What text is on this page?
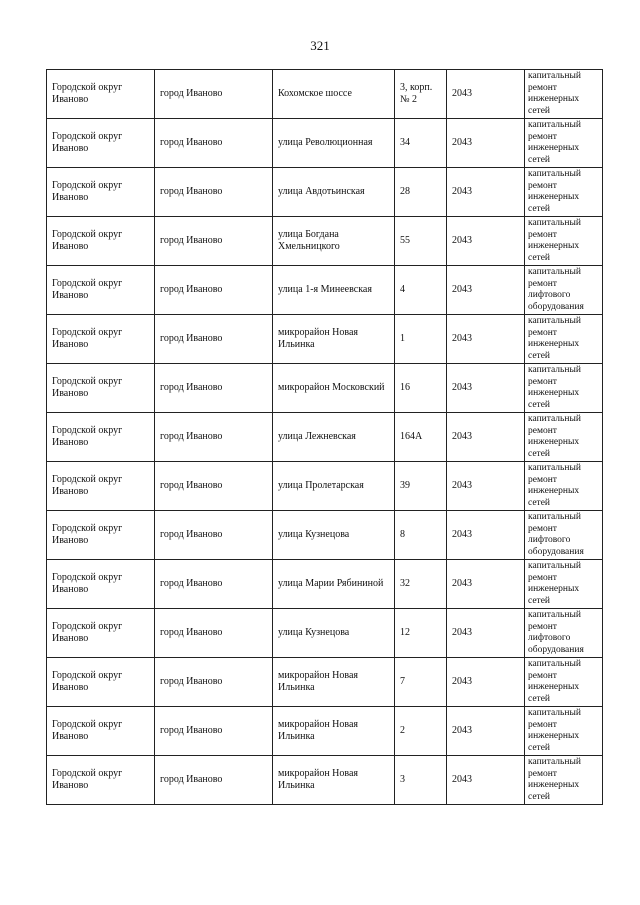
321
Городской округ Иваново	город Иваново	Кохомское шоссе	3, корп. № 2	2043	капитальный ремонт инженерных сетей
Городской округ Иваново	город Иваново	улица Революционная	34	2043	капитальный ремонт инженерных сетей
Городской округ Иваново	город Иваново	улица Авдотьинская	28	2043	капитальный ремонт инженерных сетей
Городской округ Иваново	город Иваново	улица Богдана Хмельницкого	55	2043	капитальный ремонт инженерных сетей
Городской округ Иваново	город Иваново	улица 1-я Минеевская	4	2043	капитальный ремонт лифтового оборудования
Городской округ Иваново	город Иваново	микрорайон Новая Ильинка	1	2043	капитальный ремонт инженерных сетей
Городской округ Иваново	город Иваново	микрорайон Московский	16	2043	капитальный ремонт инженерных сетей
Городской округ Иваново	город Иваново	улица Лежневская	164А	2043	капитальный ремонт инженерных сетей
Городской округ Иваново	город Иваново	улица Пролетарская	39	2043	капитальный ремонт инженерных сетей
Городской округ Иваново	город Иваново	улица Кузнецова	8	2043	капитальный ремонт лифтового оборудования
Городской округ Иваново	город Иваново	улица Марии Рябининой	32	2043	капитальный ремонт инженерных сетей
Городской округ Иваново	город Иваново	улица Кузнецова	12	2043	капитальный ремонт лифтового оборудования
Городской округ Иваново	город Иваново	микрорайон Новая Ильинка	7	2043	капитальный ремонт инженерных сетей
Городской округ Иваново	город Иваново	микрорайон Новая Ильинка	2	2043	капитальный ремонт инженерных сетей
Городской округ Иваново	город Иваново	микрорайон Новая Ильинка	3	2043	капитальный ремонт инженерных сетей
